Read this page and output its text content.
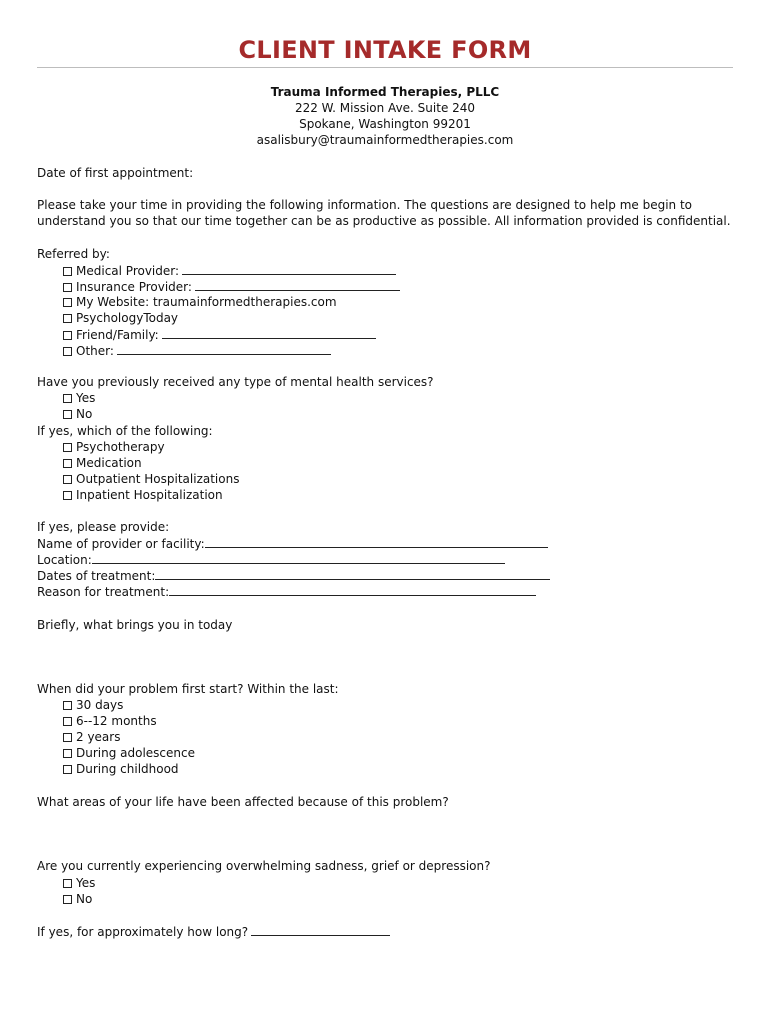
CLIENT INTAKE FORM
Trauma Informed Therapies, PLLC
222 W. Mission Ave. Suite 240
Spokane, Washington 99201
asalisbury@traumainformedtherapies.com
Date of first appointment:
Please take your time in providing the following information. The questions are designed to help me begin to
understand you so that our time together can be as productive as possible. All information provided is confidential.
Referred by:
Medical Provider:
Insurance Provider:
My Website: traumainformedtherapies.com
PsychologyToday
Friend/Family:
Other:
Have you previously received any type of mental health services?
Yes
No
If yes, which of the following:
Psychotherapy
Medication
Outpatient Hospitalizations
Inpatient Hospitalization
If yes, please provide:
Name of provider or facility:
Location:
Dates of treatment:
Reason for treatment:
Briefly, what brings you in today
When did your problem first start? Within the last:
30 days
6--12 months
2 years
During adolescence
During childhood
What areas of your life have been affected because of this problem?
Are you currently experiencing overwhelming sadness, grief or depression?
Yes
No
If yes, for approximately how long?
